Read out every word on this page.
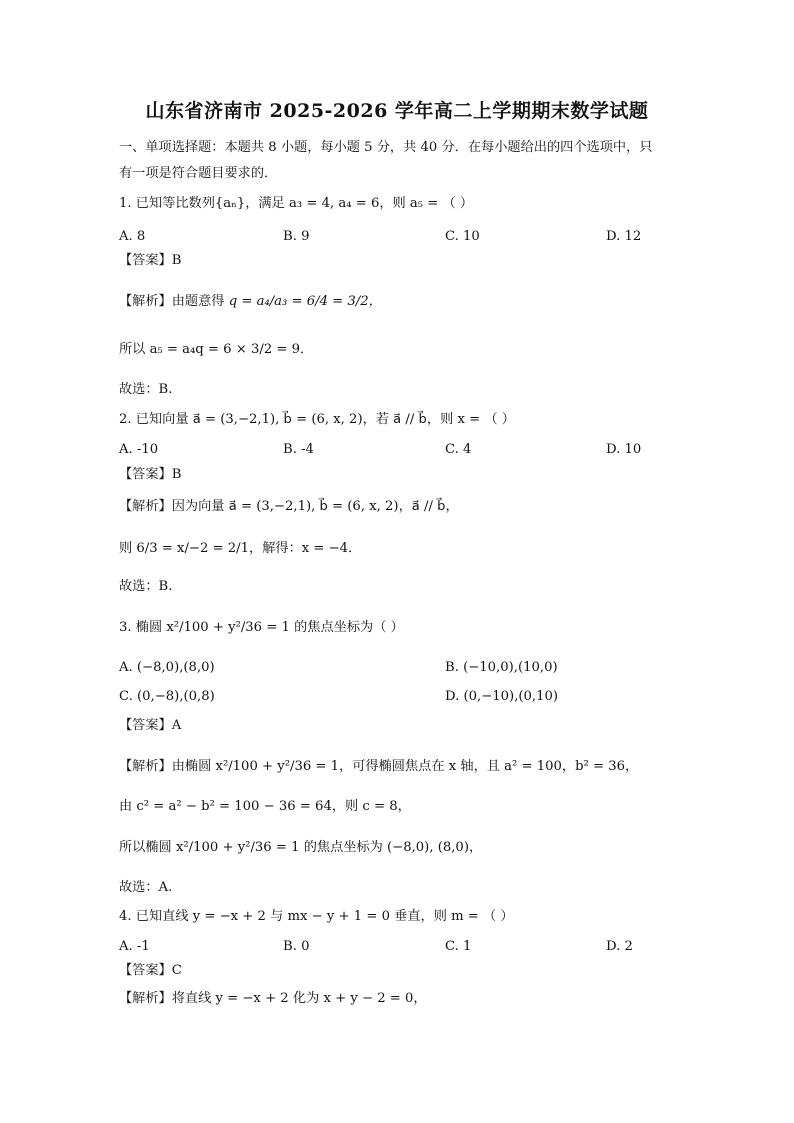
山东省济南市 2025-2026 学年高二上学期期末数学试题
一、单项选择题：本题共 8 小题，每小题 5 分，共 40 分．在每小题给出的四个选项中，只
有一项是符合题目要求的．
1. 已知等比数列{aₙ}，满足 a₃ = 4, a₄ = 6，则 a₅ = （ ）
A. 8	B. 9	C. 10	D. 12
【答案】B
【解析】由题意得 q = a₄/a₃ = 6/4 = 3/2，
所以 a₅ = a₄q = 6 × 3/2 = 9．
故选：B.
2. 已知向量 a⃗ = (3,−2,1), b⃗ = (6, x, 2)，若 a⃗ // b⃗，则 x = （ ）
A. -10	B. -4	C. 4	D. 10
【答案】B
【解析】因为向量 a⃗ = (3,−2,1), b⃗ = (6, x, 2)，a⃗ // b⃗，
则 6/3 = x/−2 = 2/1，解得：x = −4．
故选：B.
3. 椭圆 x²/100 + y²/36 = 1 的焦点坐标为（ ）
A. (−8,0),(8,0)	B. (−10,0),(10,0)
C. (0,−8),(0,8)	D. (0,−10),(0,10)
【答案】A
【解析】由椭圆 x²/100 + y²/36 = 1，可得椭圆焦点在 x 轴，且 a² = 100，b² = 36，
由 c² = a² − b² = 100 − 36 = 64，则 c = 8，
所以椭圆 x²/100 + y²/36 = 1 的焦点坐标为 (−8,0), (8,0)，
故选：A.
4. 已知直线 y = −x + 2 与 mx − y + 1 = 0 垂直，则 m = （ ）
A. -1	B. 0	C. 1	D. 2
【答案】C
【解析】将直线 y = −x + 2 化为 x + y − 2 = 0，
